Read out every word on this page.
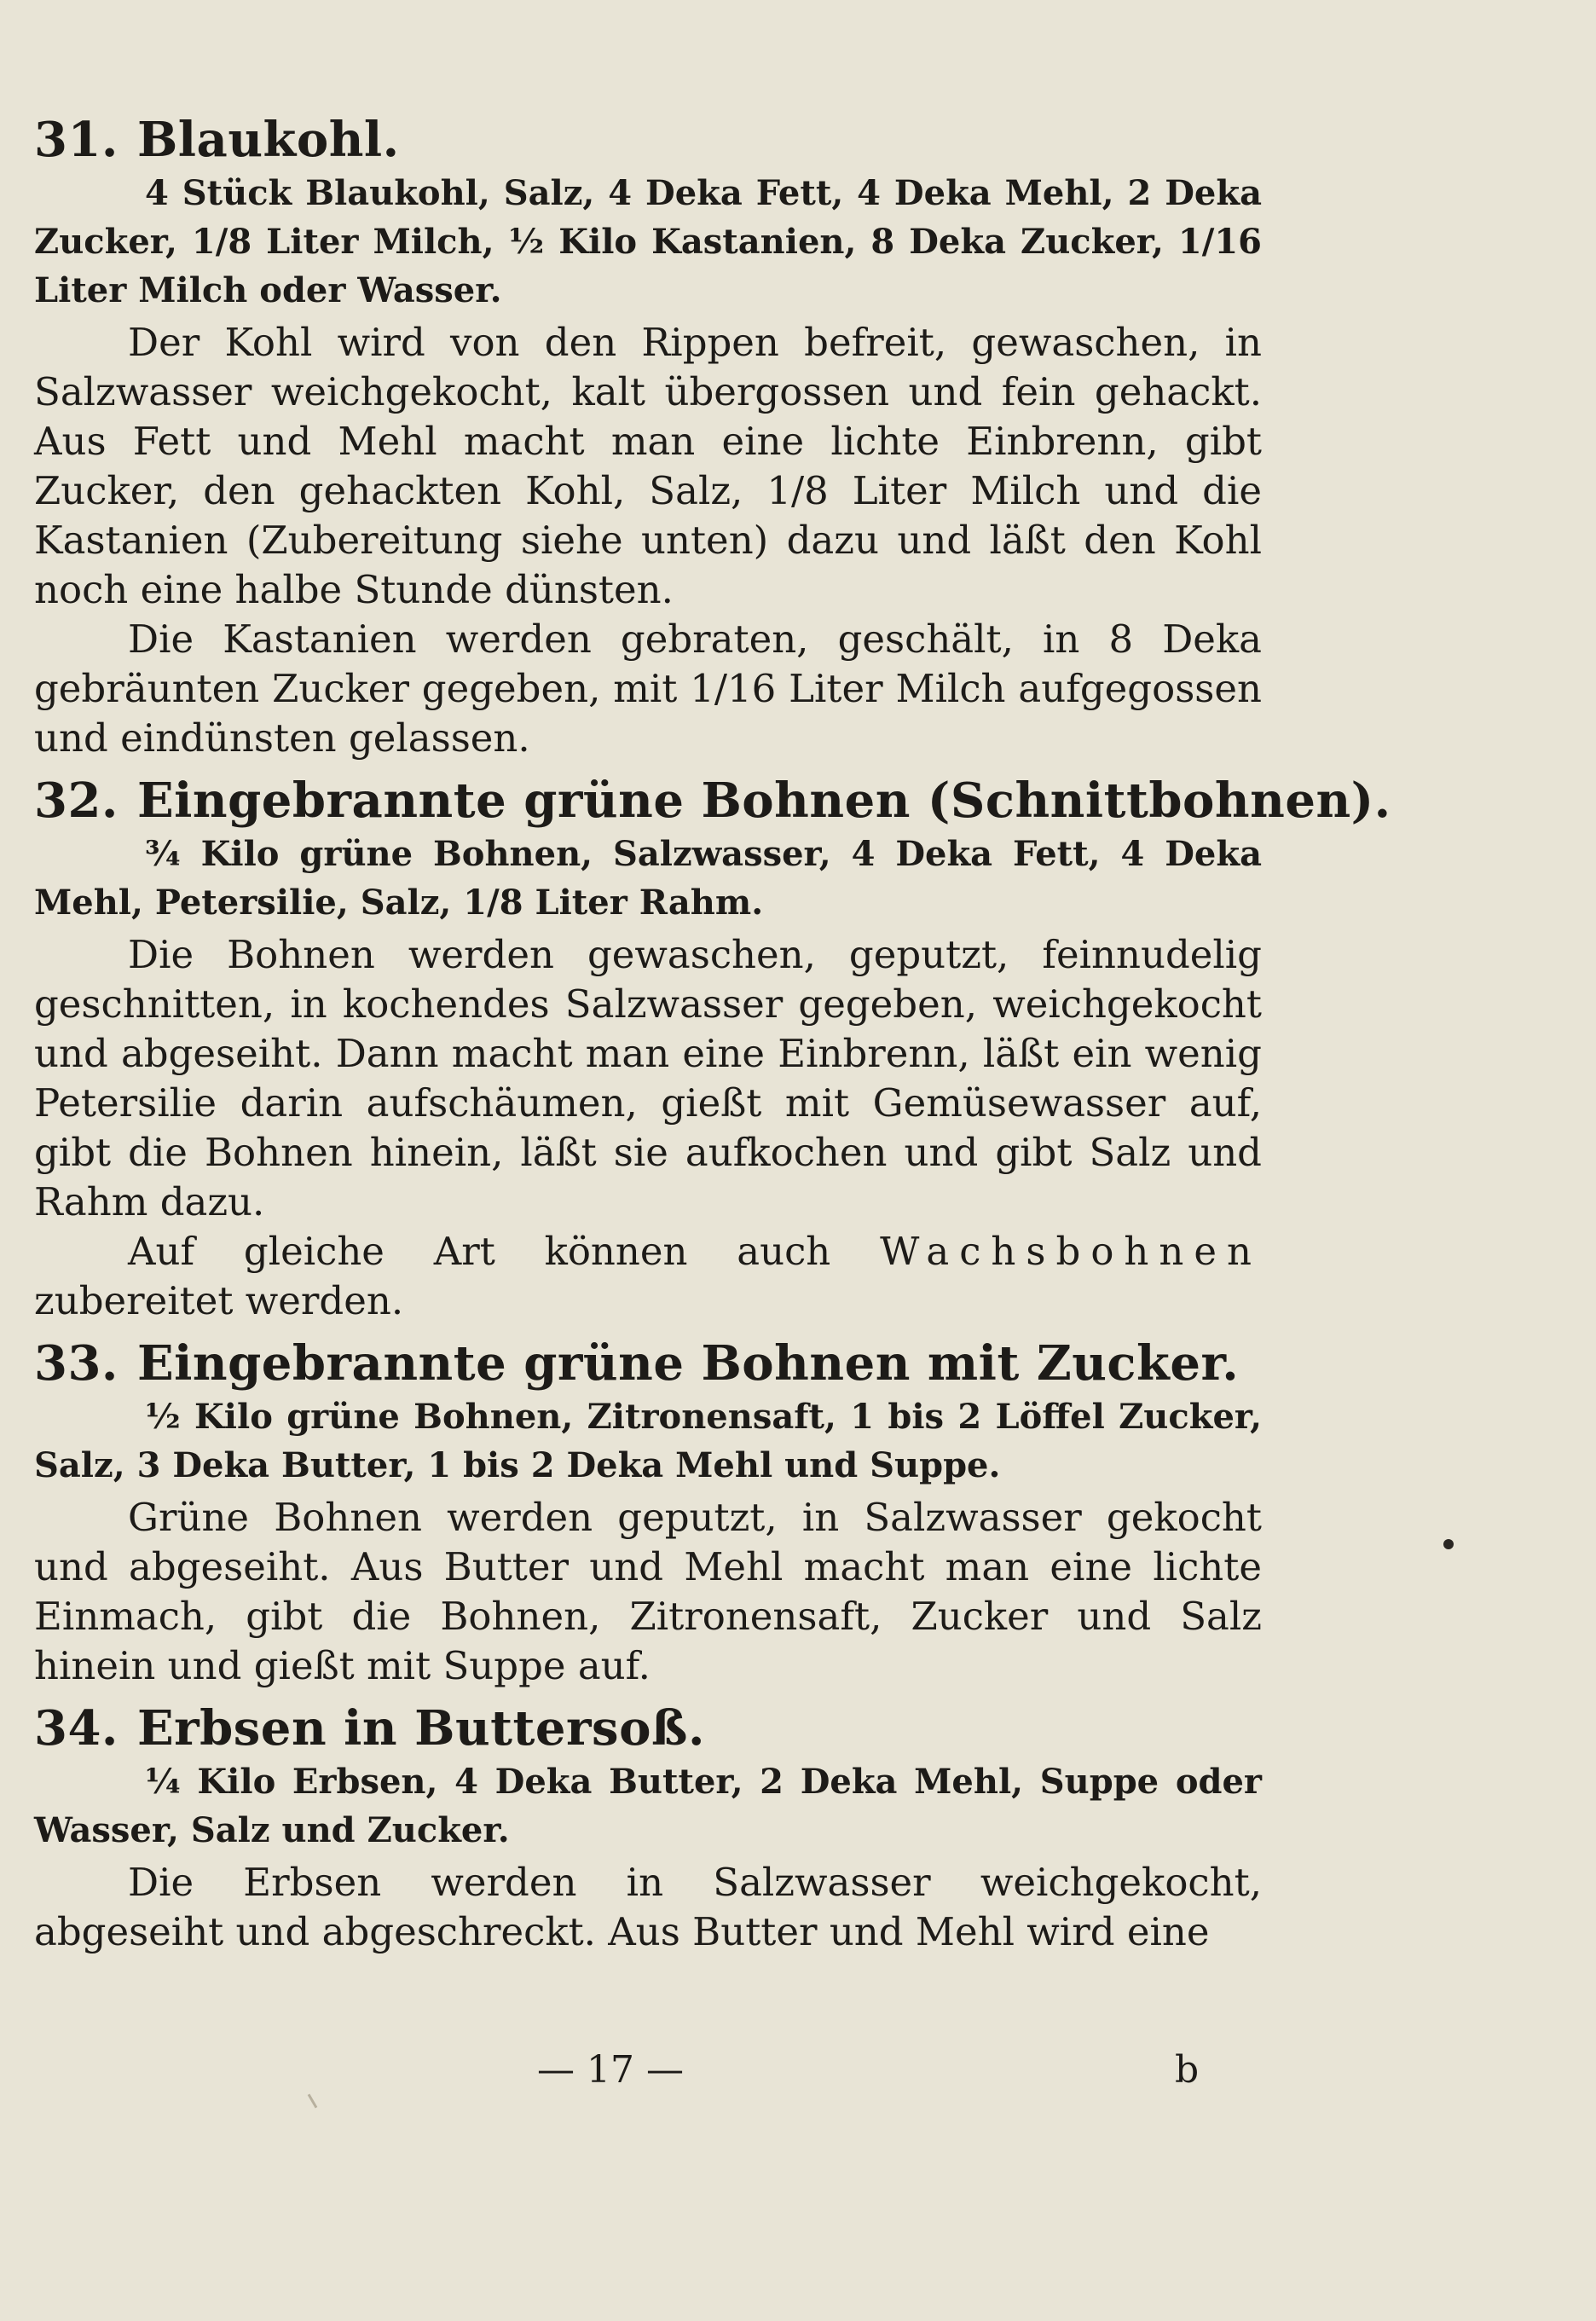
31. Blaukohl.

4 Stück Blaukohl, Salz, 4 Deka Fett, 4 Deka Mehl, 2 Deka Zucker, 1/8 Liter Milch, ½ Kilo Kastanien, 8 Deka Zucker, 1/16 Liter Milch oder Wasser.

Der Kohl wird von den Rippen befreit, gewaschen, in Salzwasser weichgekocht, kalt übergossen und fein gehackt. Aus Fett und Mehl macht man eine lichte Einbrenn, gibt Zucker, den gehackten Kohl, Salz, 1/8 Liter Milch und die Kastanien (Zubereitung siehe unten) dazu und läßt den Kohl noch eine halbe Stunde dünsten.

Die Kastanien werden gebraten, geschält, in 8 Deka gebräunten Zucker gegeben, mit 1/16 Liter Milch aufgegossen und eindünsten gelassen.

32. Eingebrannte grüne Bohnen (Schnittbohnen).

¾ Kilo grüne Bohnen, Salzwasser, 4 Deka Fett, 4 Deka Mehl, Petersilie, Salz, 1/8 Liter Rahm.

Die Bohnen werden gewaschen, geputzt, feinnudelig geschnitten, in kochendes Salzwasser gegeben, weichgekocht und abgeseiht. Dann macht man eine Einbrenn, läßt ein wenig Petersilie darin aufschäumen, gießt mit Gemüsewasser auf, gibt die Bohnen hinein, läßt sie aufkochen und gibt Salz und Rahm dazu.

Auf gleiche Art können auch Wachsbohnen zubereitet werden.

33. Eingebrannte grüne Bohnen mit Zucker.

½ Kilo grüne Bohnen, Zitronensaft, 1 bis 2 Löffel Zucker, Salz, 3 Deka Butter, 1 bis 2 Deka Mehl und Suppe.

Grüne Bohnen werden geputzt, in Salzwasser gekocht und abgeseiht. Aus Butter und Mehl macht man eine lichte Einmach, gibt die Bohnen, Zitronensaft, Zucker und Salz hinein und gießt mit Suppe auf.

34. Erbsen in Buttersoß.

¼ Kilo Erbsen, 4 Deka Butter, 2 Deka Mehl, Suppe oder Wasser, Salz und Zucker.

Die Erbsen werden in Salzwasser weichgekocht, abgeseiht und abgeschreckt. Aus Butter und Mehl wird eine

— 17 —	b
